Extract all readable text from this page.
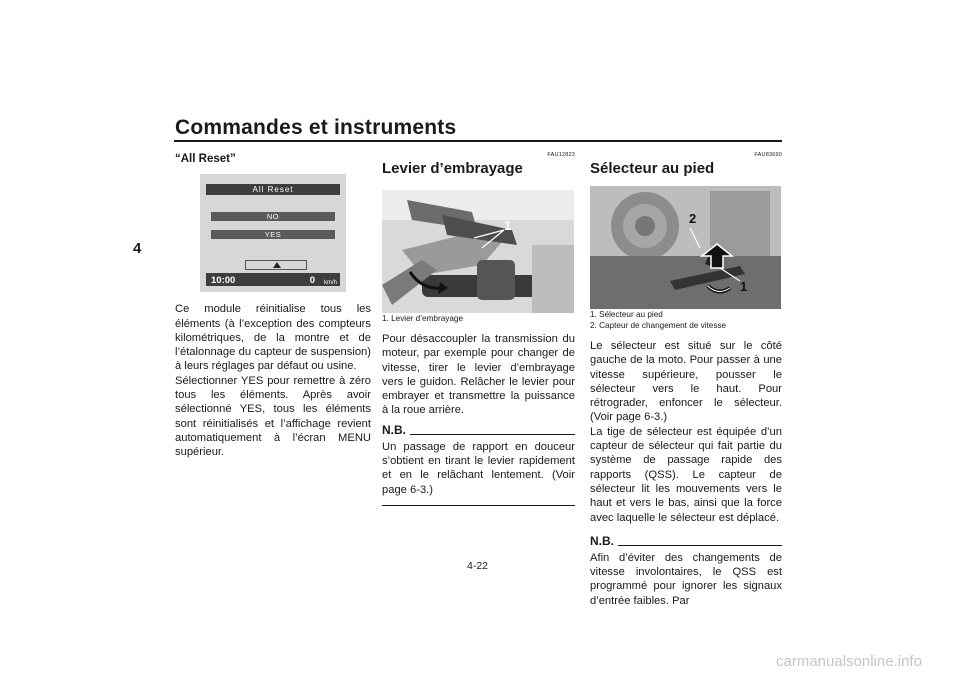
Commandes et instruments
4

“All Reset”

All Reset
NO
YES
10:00	0 km/h

Ce module réinitialise tous les éléments (à l’exception des compteurs kilométriques, de la montre et de l’étalonnage du capteur de suspension) à leurs réglages par défaut ou usine.

Sélectionner YES pour remettre à zéro tous les éléments. Après avoir sélectionné YES, tous les éléments sont réinitialisés et l’affichage revient automatiquement à l’écran MENU supérieur.

FAU12823
Levier d’embrayage
1

1. Levier d’embrayage

Pour désaccoupler la transmission du moteur, par exemple pour changer de vitesse, tirer le levier d’embrayage vers le guidon. Relâcher le levier pour embrayer et transmettre la puissance à la roue arrière.

N.B.

Un passage de rapport en douceur s’obtient en tirant le levier rapidement et en le relâchant lentement. (Voir page 6-3.)

FAU83690
Sélecteur au pied
2
1

1. Sélecteur au pied

2. Capteur de changement de vitesse

Le sélecteur est situé sur le côté gauche de la moto. Pour passer à une vitesse supérieure, pousser le sélecteur vers le haut. Pour rétrograder, enfoncer le sélecteur. (Voir page 6-3.)

La tige de sélecteur est équipée d’un capteur de sélecteur qui fait partie du système de passage rapide des rapports (QSS). Le capteur de sélecteur lit les mouvements vers le haut et vers le bas, ainsi que la force avec laquelle le sélecteur est déplacé.

N.B.

Afin d’éviter des changements de vitesse involontaires, le QSS est programmé pour ignorer les signaux d’entrée faibles. Par

4-22
carmanualsonline.info
